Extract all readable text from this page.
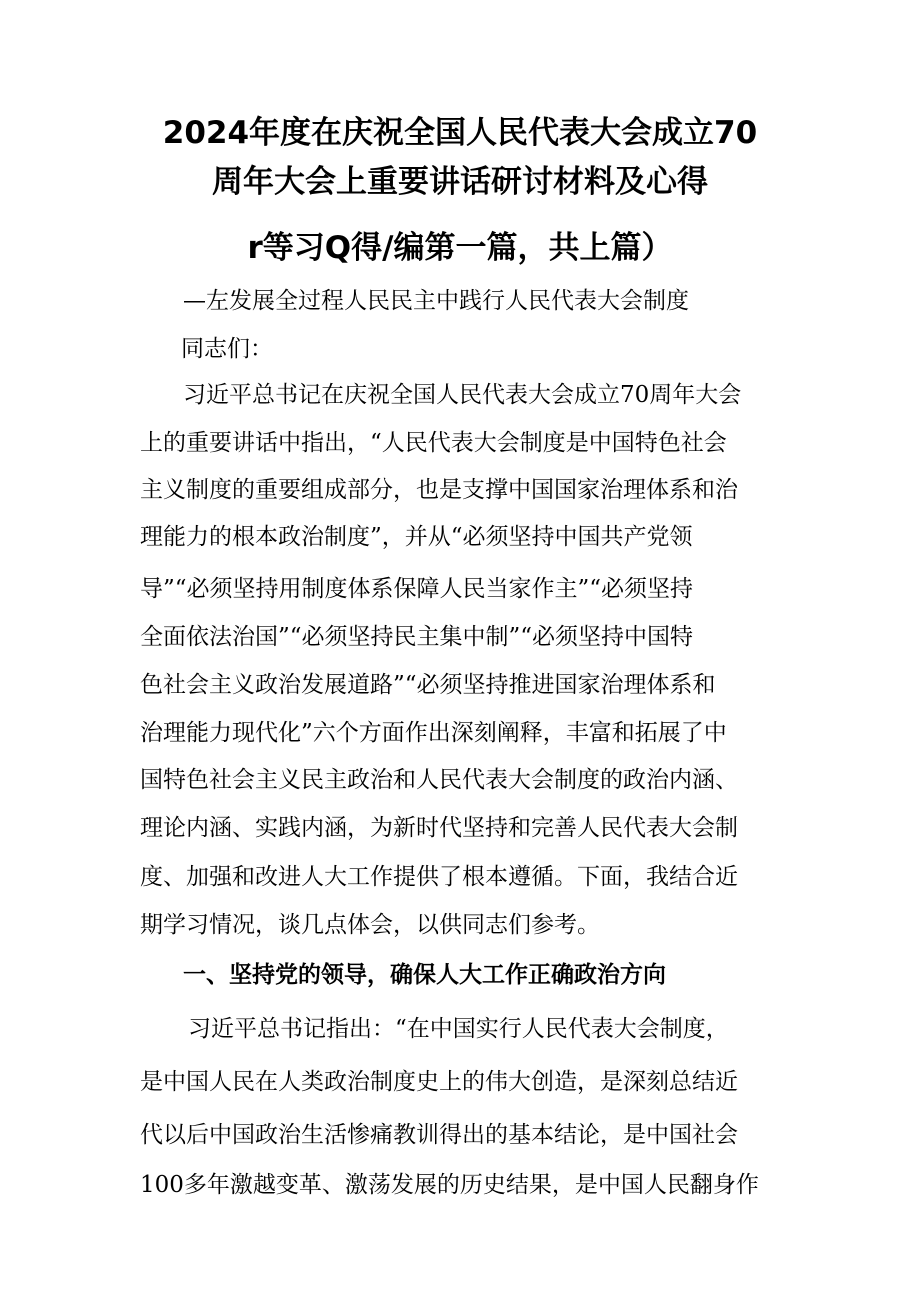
2024年度在庆祝全国人民代表大会成立70
周年大会上重要讲话研讨材料及心得
r等习Q得/编第一篇，共上篇）

—左发展全过程人民民主中践行人民代表大会制度

同志们：

习近平总书记在庆祝全国人民代表大会成立70周年大会

上的重要讲话中指出，“人民代表大会制度是中国特色社会

主义制度的重要组成部分，也是支撑中国国家治理体系和治

理能力的根本政治制度”，并从“必须坚持中国共产党领

导”“必须坚持用制度体系保障人民当家作主”“必须坚持

全面依法治国”“必须坚持民主集中制”“必须坚持中国特

色社会主义政治发展道路”“必须坚持推进国家治理体系和

治理能力现代化”六个方面作出深刻阐释，丰富和拓展了中

国特色社会主义民主政治和人民代表大会制度的政治内涵、

理论内涵、实践内涵，为新时代坚持和完善人民代表大会制

度、加强和改进人大工作提供了根本遵循。下面，我结合近

期学习情况，谈几点体会，以供同志们参考。

一、坚持党的领导，确保人大工作正确政治方向

习近平总书记指出：“在中国实行人民代表大会制度，

是中国人民在人类政治制度史上的伟大创造，是深刻总结近

代以后中国政治生活惨痛教训得出的基本结论，是中国社会

100多年激越变革、激荡发展的历史结果，是中国人民翻身作
